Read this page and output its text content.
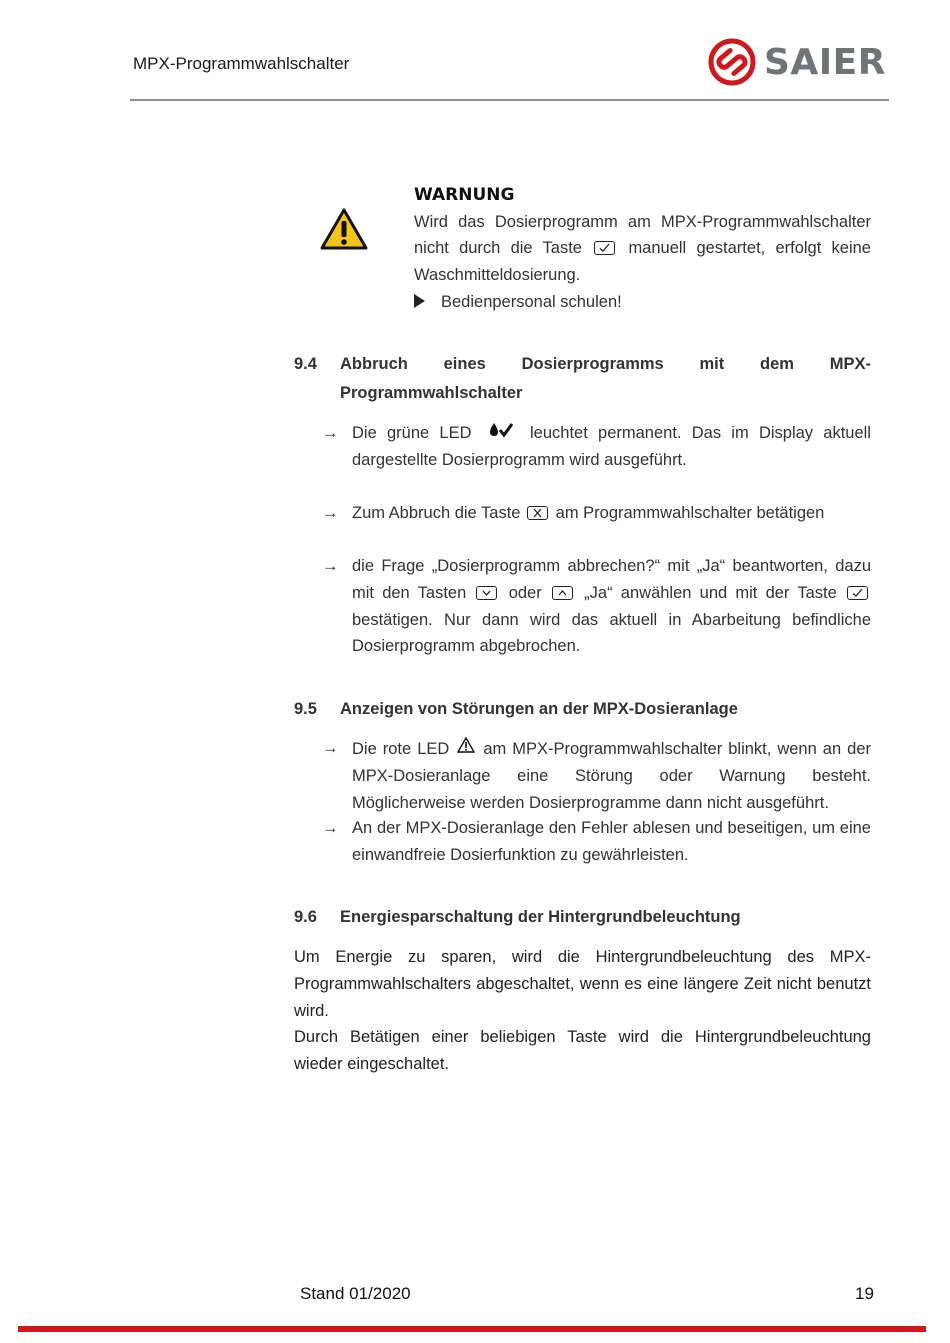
MPX-Programmwahlschalter	SAIER
WARNUNG
Wird das Dosierprogramm am MPX-Programmwahlschalter nicht durch die Taste	manuell gestartet, erfolgt keine Waschmitteldosierung.
Bedienpersonal schulen!
9.4 Abbruch eines Dosierprogramms mit dem MPX-
Programmwahlschalter
→ Die grüne LED	leuchtet permanent. Das im Display aktuell dargestellte Dosierprogramm wird ausgeführt.
→ Zum Abbruch die Taste am Programmwahlschalter betätigen
→ die Frage „Dosierprogramm abbrechen?“ mit „Ja“ beantworten, dazu mit den Tasten	oder	„Ja“ anwählen und mit der Taste
bestätigen. Nur dann wird das aktuell in Abarbeitung befindliche Dosierprogramm abgebrochen.
9.5 Anzeigen von Störungen an der MPX-Dosieranlage
→ Die rote LED am MPX-Programmwahlschalter blinkt, wenn an der MPX-Dosieranlage eine Störung oder Warnung besteht. Möglicherweise werden Dosierprogramme dann nicht ausgeführt.
→ An der MPX-Dosieranlage den Fehler ablesen und beseitigen, um eine einwandfreie Dosierfunktion zu gewährleisten.
9.6 Energiesparschaltung der Hintergrundbeleuchtung
Um Energie zu sparen, wird die Hintergrundbeleuchtung des MPX-Programmwahlschalters abgeschaltet, wenn es eine längere Zeit nicht benutzt wird.
Durch Betätigen einer beliebigen Taste wird die Hintergrundbeleuchtung wieder eingeschaltet.
Stand 01/2020	19
